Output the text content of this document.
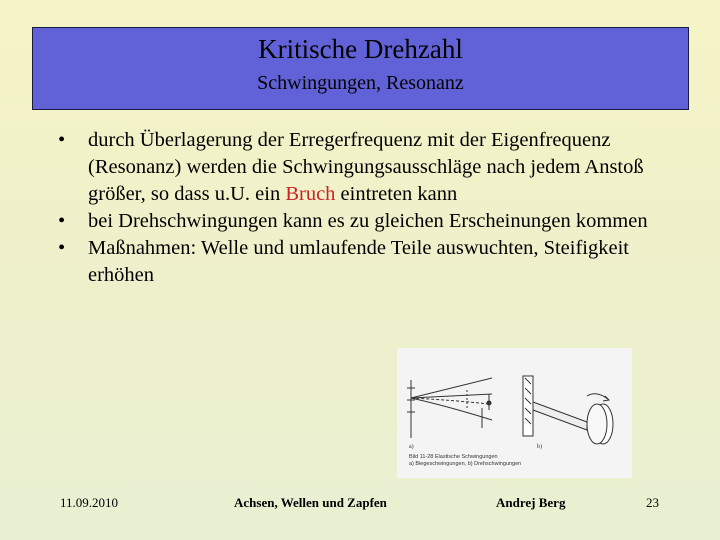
Kritische Drehzahl
Schwingungen, Resonanz
• durch Überlagerung der Erregerfrequenz mit der Eigenfrequenz (Resonanz) werden die Schwingungsausschläge nach jedem Anstoß größer, so dass u.U. ein Bruch eintreten kann
• bei Drehschwingungen kann es zu gleichen Erscheinungen kommen
• Maßnahmen: Welle und umlaufende Teile auswuchten, Steifigkeit erhöhen
a)	b)
Bild 11-28 Elastische Schwingungen
a) Biegeschwingungen, b) Drehschwingungen
11.09.2010	Achsen, Wellen und Zapfen	Andrej Berg	23
